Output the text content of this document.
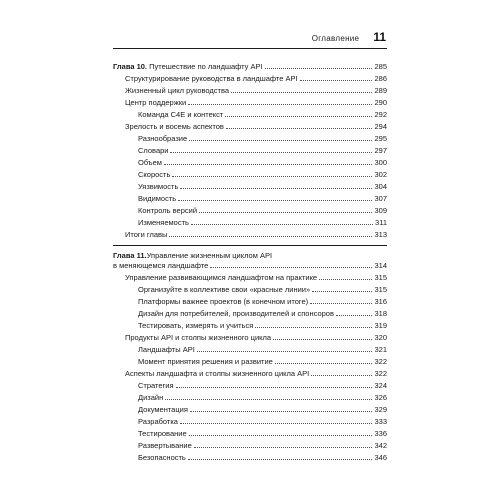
Оглавление 11
Глава 10. Путешествие по ландшафту API	285
Структурирование руководства в ландшафте API	286
Жизненный цикл руководства	289
Центр поддержки	290
Команда C4E и контекст	292
Зрелость и восемь аспектов	294
Разнообразие	295
Словари	297
Объем	300
Скорость	302
Уязвимость	304
Видимость	307
Контроль версий	309
Изменяемость	311
Итоги главы	313
Глава 11. Управление жизненным циклом API
в меняющемся ландшафте	314
Управление развивающимся ландшафтом на практике	315
Организуйте в коллективе свои «красные линии»	315
Платформы важнее проектов (в конечном итоге)	316
Дизайн для потребителей, производителей и спонсоров	318
Тестировать, измерять и учиться	319
Продукты API и столпы жизненного цикла	320
Ландшафты API	321
Момент принятия решения и развитие	322
Аспекты ландшафта и столпы жизненного цикла API	322
Стратегия	324
Дизайн	326
Документация	329
Разработка	333
Тестирование	336
Развертывание	342
Безопасность	346
